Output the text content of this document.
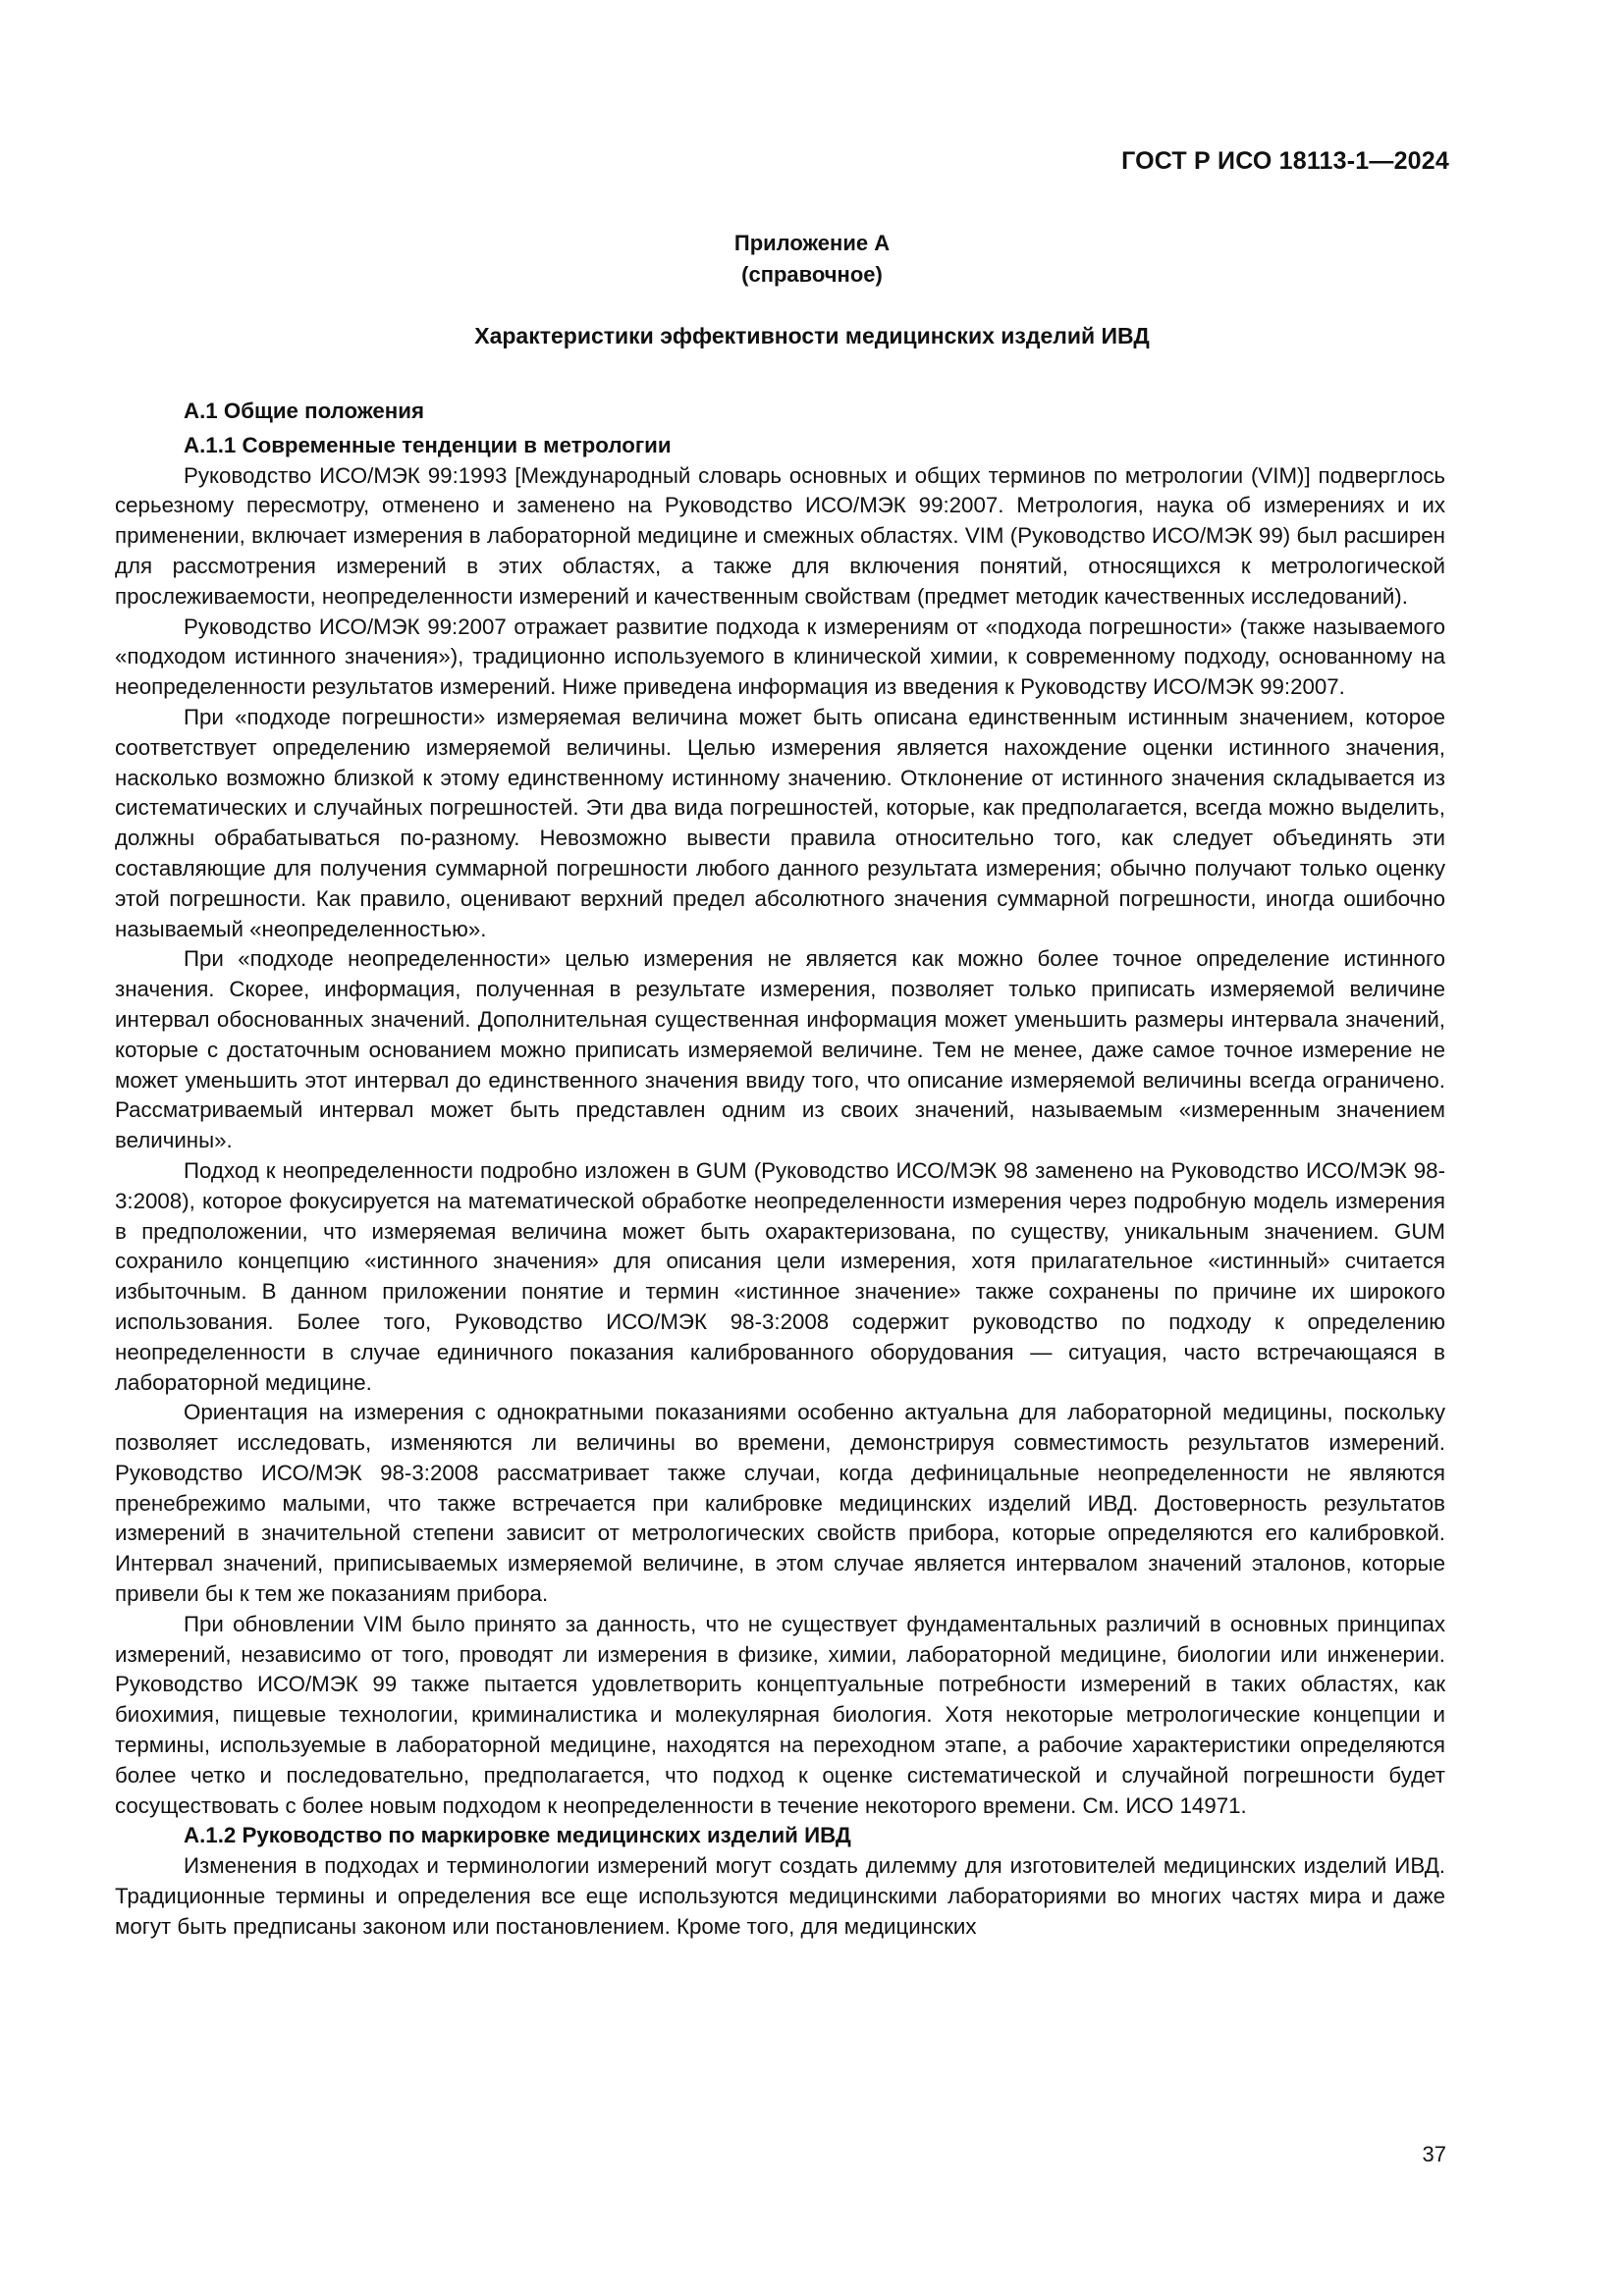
ГОСТ Р ИСО 18113-1—2024
Приложение А
(справочное)
Характеристики эффективности медицинских изделий ИВД
А.1 Общие положения
А.1.1 Современные тенденции в метрологии

Руководство ИСО/МЭК 99:1993 [Международный словарь основных и общих терминов по метрологии (VIM)] подверглось серьезному пересмотру, отменено и заменено на Руководство ИСО/МЭК 99:2007. Метрология, наука об измерениях и их применении, включает измерения в лабораторной медицине и смежных областях. VIM (Руководство ИСО/МЭК 99) был расширен для рассмотрения измерений в этих областях, а также для включения понятий, относящихся к метрологической прослеживаемости, неопределенности измерений и качественным свойствам (предмет методик качественных исследований).

Руководство ИСО/МЭК 99:2007 отражает развитие подхода к измерениям от «подхода погрешности» (также называемого «подходом истинного значения»), традиционно используемого в клинической химии, к современному подходу, основанному на неопределенности результатов измерений. Ниже приведена информация из введения к Руководству ИСО/МЭК 99:2007.

При «подходе погрешности» измеряемая величина может быть описана единственным истинным значением, которое соответствует определению измеряемой величины. Целью измерения является нахождение оценки истинного значения, насколько возможно близкой к этому единственному истинному значению. Отклонение от истинного значения складывается из систематических и случайных погрешностей. Эти два вида погрешностей, которые, как предполагается, всегда можно выделить, должны обрабатываться по-разному. Невозможно вывести правила относительно того, как следует объединять эти составляющие для получения суммарной погрешности любого данного результата измерения; обычно получают только оценку этой погрешности. Как правило, оценивают верхний предел абсолютного значения суммарной погрешности, иногда ошибочно называемый «неопределенностью».

При «подходе неопределенности» целью измерения не является как можно более точное определение истинного значения. Скорее, информация, полученная в результате измерения, позволяет только приписать измеряемой величине интервал обоснованных значений. Дополнительная существенная информация может уменьшить размеры интервала значений, которые с достаточным основанием можно приписать измеряемой величине. Тем не менее, даже самое точное измерение не может уменьшить этот интервал до единственного значения ввиду того, что описание измеряемой величины всегда ограничено. Рассматриваемый интервал может быть представлен одним из своих значений, называемым «измеренным значением величины».

Подход к неопределенности подробно изложен в GUM (Руководство ИСО/МЭК 98 заменено на Руководство ИСО/МЭК 98-3:2008), которое фокусируется на математической обработке неопределенности измерения через подробную модель измерения в предположении, что измеряемая величина может быть охарактеризована, по существу, уникальным значением. GUM сохранило концепцию «истинного значения» для описания цели измерения, хотя прилагательное «истинный» считается избыточным. В данном приложении понятие и термин «истинное значение» также сохранены по причине их широкого использования. Более того, Руководство ИСО/МЭК 98-3:2008 содержит руководство по подходу к определению неопределенности в случае единичного показания калиброванного оборудования — ситуация, часто встречающаяся в лабораторной медицине.

Ориентация на измерения с однократными показаниями особенно актуальна для лабораторной медицины, поскольку позволяет исследовать, изменяются ли величины во времени, демонстрируя совместимость результатов измерений. Руководство ИСО/МЭК 98-3:2008 рассматривает также случаи, когда дефиницальные неопределенности не являются пренебрежимо малыми, что также встречается при калибровке медицинских изделий ИВД. Достоверность результатов измерений в значительной степени зависит от метрологических свойств прибора, которые определяются его калибровкой. Интервал значений, приписываемых измеряемой величине, в этом случае является интервалом значений эталонов, которые привели бы к тем же показаниям прибора.

При обновлении VIM было принято за данность, что не существует фундаментальных различий в основных принципах измерений, независимо от того, проводят ли измерения в физике, химии, лабораторной медицине, биологии или инженерии. Руководство ИСО/МЭК 99 также пытается удовлетворить концептуальные потребности измерений в таких областях, как биохимия, пищевые технологии, криминалистика и молекулярная биология. Хотя некоторые метрологические концепции и термины, используемые в лабораторной медицине, находятся на переходном этапе, а рабочие характеристики определяются более четко и последовательно, предполагается, что подход к оценке систематической и случайной погрешности будет сосуществовать с более новым подходом к неопределенности в течение некоторого времени. См. ИСО 14971.

А.1.2 Руководство по маркировке медицинских изделий ИВД

Изменения в подходах и терминологии измерений могут создать дилемму для изготовителей медицинских изделий ИВД. Традиционные термины и определения все еще используются медицинскими лабораториями во многих частях мира и даже могут быть предписаны законом или постановлением. Кроме того, для медицинских

37
